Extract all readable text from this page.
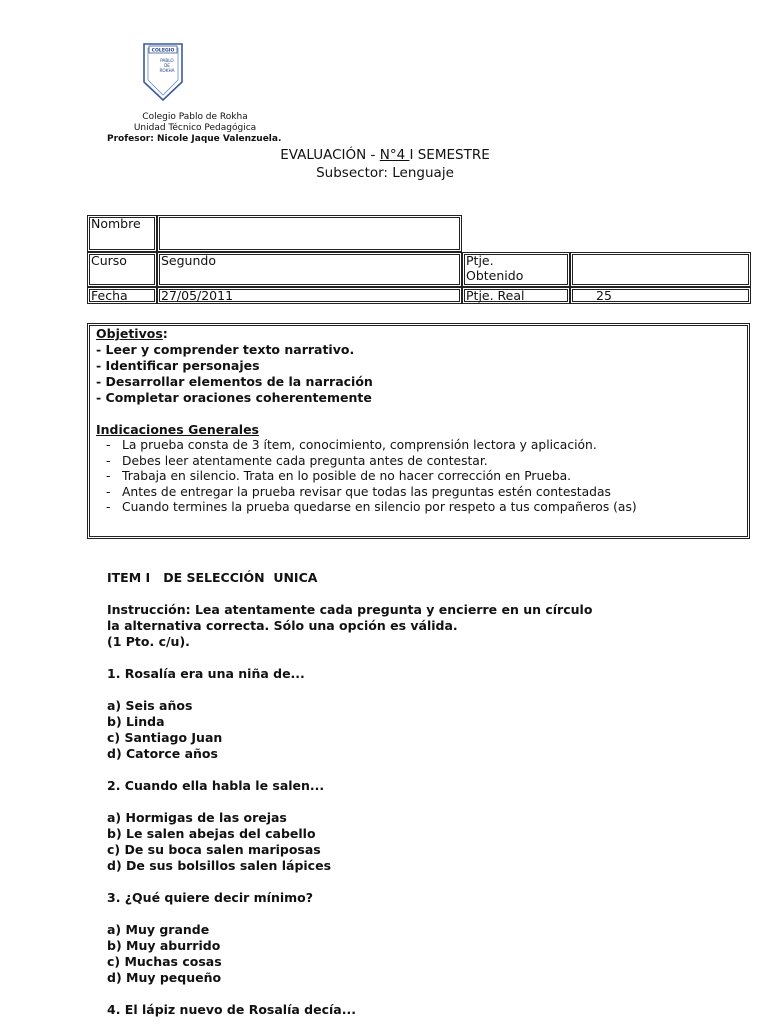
COLEGIO
PABLO
DE
ROKHA
Colegio Pablo de Rokha
Unidad Técnico Pedagógica
Profesor: Nicole Jaque Valenzuela.
EVALUACIÓN - N°4 I SEMESTRE
Subsector: Lenguaje
Nombre			

Curso	Segundo	Ptje. Obtenido	

Fecha	27/05/2011	Ptje. Real	25
Objetivos:
- Leer y comprender texto narrativo.
- Identificar personajes
- Desarrollar elementos de la narración
- Completar oraciones coherentemente
Indicaciones Generales
- La prueba consta de 3 ítem, conocimiento, comprensión lectora y aplicación.
- Debes leer atentamente cada pregunta antes de contestar.
- Trabaja en silencio. Trata en lo posible de no hacer corrección en Prueba.
- Antes de entregar la prueba revisar que todas las preguntas estén contestadas
- Cuando termines la prueba quedarse en silencio por respeto a tus compañeros (as)

ITEM I   DE SELECCIÓN  UNICA

Instrucción: Lea atentamente cada pregunta y encierre en un círculo

la alternativa correcta. Sólo una opción es válida.

(1 Pto. c/u).

1. Rosalía era una niña de...

a) Seis años

b) Linda

c) Santiago Juan

d) Catorce años

2. Cuando ella habla le salen...

a) Hormigas de las orejas

b) Le salen abejas del cabello

c) De su boca salen mariposas

d) De sus bolsillos salen lápices

3. ¿Qué quiere decir mínimo?

a) Muy grande

b) Muy aburrido

c) Muchas cosas

d) Muy pequeño

4. El lápiz nuevo de Rosalía decía...
